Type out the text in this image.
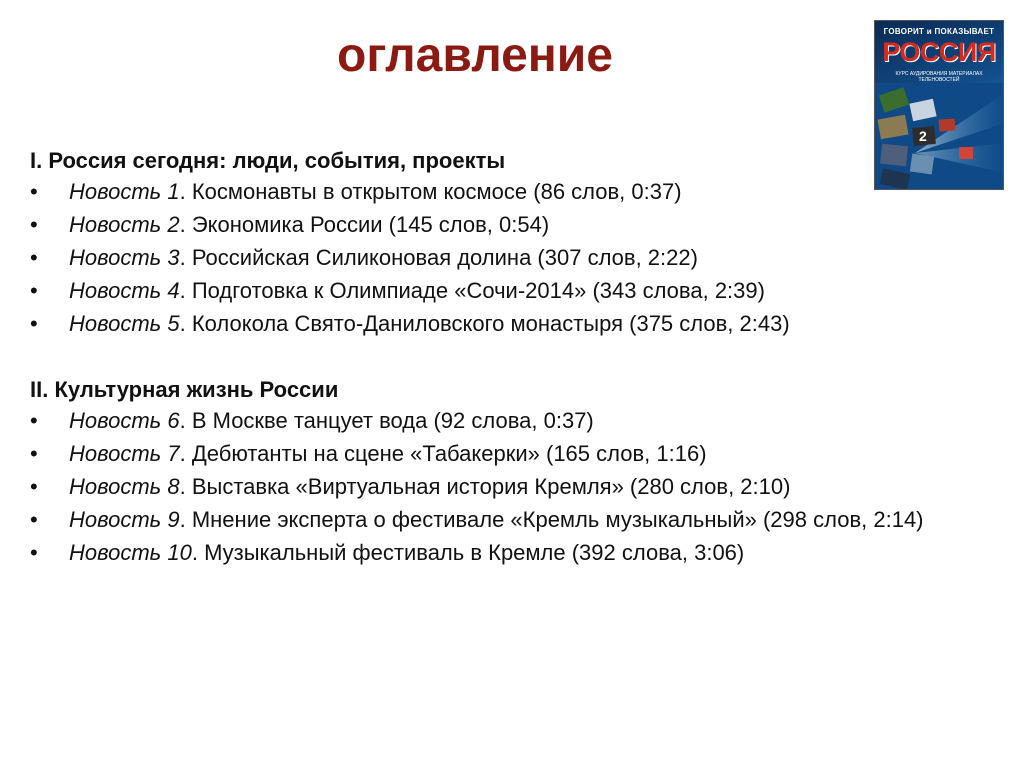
оглавление	ГОВОРИТ и ПОКАЗЫВАЕТ
РОССИЯ
КУРС АУДИРОВАНИЯ МАТЕРИАЛАХ ТЕЛЕНОВОСТЕЙ
2
I. Россия сегодня: люди, события, проекты
• Новость 1. Космонавты в открытом космосе (86 слов, 0:37)
• Новость 2. Экономика России (145 слов, 0:54)
• Новость 3. Российская Силиконовая долина (307 слов, 2:22)
• Новость 4. Подготовка к Олимпиаде «Сочи-2014» (343 слова, 2:39)
• Новость 5. Колокола Свято-Даниловского монастыря (375 слов, 2:43)
II. Культурная жизнь России
• Новость 6. В Москве танцует вода (92 слова, 0:37)
• Новость 7. Дебютанты на сцене «Табакерки» (165 слов, 1:16)
• Новость 8. Выставка «Виртуальная история Кремля» (280 слов, 2:10)
• Новость 9. Мнение эксперта о фестивале «Кремль музыкальный» (298 слов, 2:14)
• Новость 10. Музыкальный фестиваль в Кремле (392 слова, 3:06)
